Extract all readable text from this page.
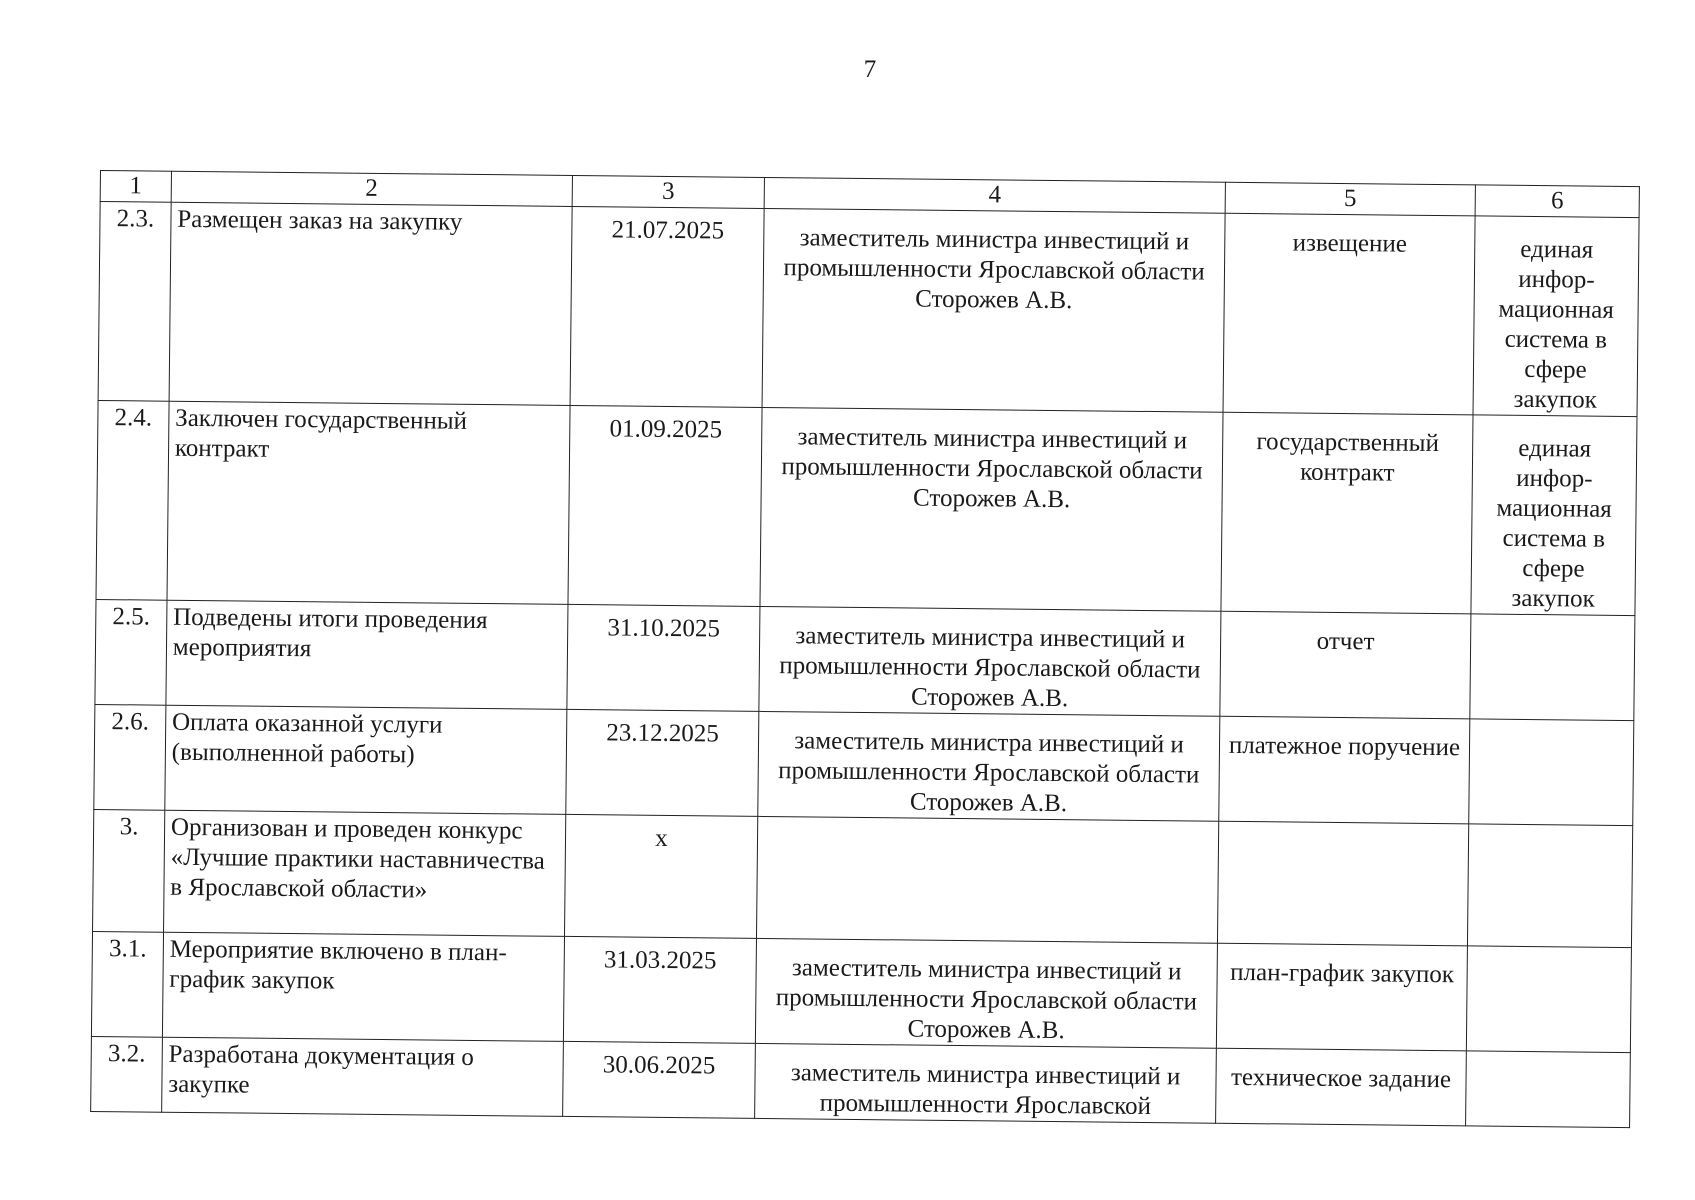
7
1	2	3	4	5	6
2.3.	Размещен заказ на закупку	21.07.2025	заместитель министра инвестиций и промышленности Ярославской области Сторожев А.В.	извещение	единая инфор-мационная система в сфере закупок
2.4.	Заключен государственный контракт	01.09.2025	заместитель министра инвестиций и промышленности Ярославской области Сторожев А.В.	государственный контракт	единая инфор-мационная система в сфере закупок
2.5.	Подведены итоги проведения мероприятия	31.10.2025	заместитель министра инвестиций и промышленности Ярославской области Сторожев А.В.	отчет	
2.6.	Оплата оказанной услуги (выполненной работы)	23.12.2025	заместитель министра инвестиций и промышленности Ярославской области Сторожев А.В.	платежное поручение	
3.	Организован и проведен конкурс «Лучшие практики наставничества в Ярославской области»	х			
3.1.	Мероприятие включено в план-график закупок	31.03.2025	заместитель министра инвестиций и промышленности Ярославской области Сторожев А.В.	план-график закупок	
3.2.	Разработана документация о закупке	30.06.2025	заместитель министра инвестиций и промышленности Ярославской	техническое задание	
